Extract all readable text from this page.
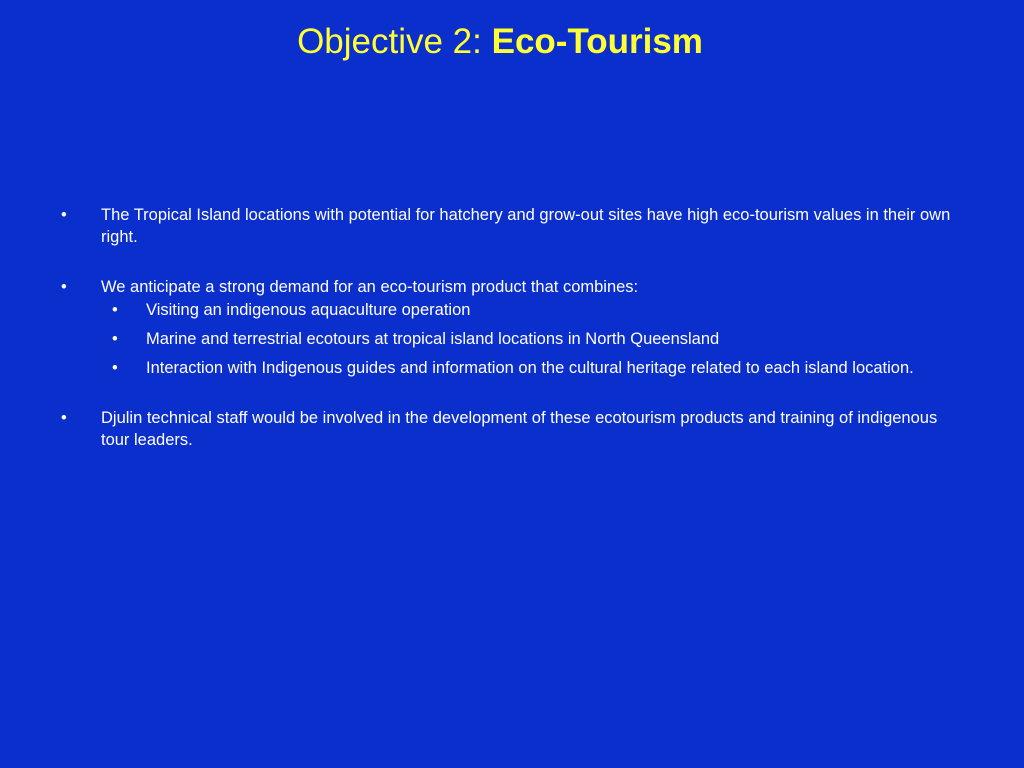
Objective 2: Eco-Tourism
• The Tropical Island locations with potential for hatchery and grow-out sites have high eco-tourism values in their own right.
• We anticipate a strong demand for an eco-tourism product that combines:
• Visiting an indigenous aquaculture operation
• Marine and terrestrial ecotours at tropical island locations in North Queensland
• Interaction with Indigenous guides and information on the cultural heritage related to each island location.
• Djulin technical staff would be involved in the development of these ecotourism products and training of indigenous tour leaders.
